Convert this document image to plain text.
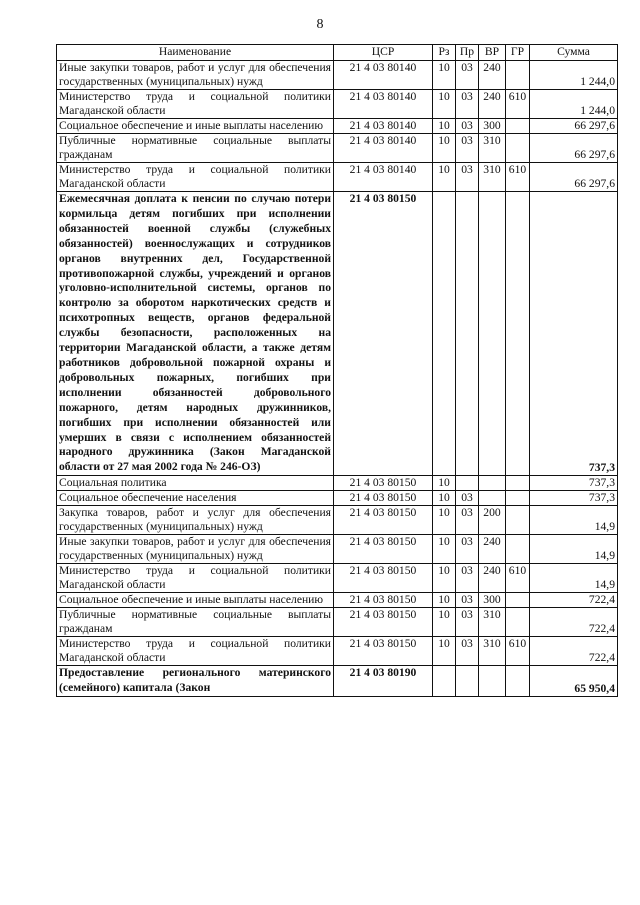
8
Наименование	ЦСР	Рз	Пр	ВР	ГР	Сумма
Иные закупки товаров, работ и услуг для обеспечения государственных (муниципальных) нужд	21 4 03 80140	10	03	240		1 244,0
Министерство труда и социальной политики Магаданской области	21 4 03 80140	10	03	240	610	1 244,0
Социальное обеспечение и иные выплаты населению	21 4 03 80140	10	03	300		66 297,6
Публичные нормативные социальные выплаты гражданам	21 4 03 80140	10	03	310		66 297,6
Министерство труда и социальной политики Магаданской области	21 4 03 80140	10	03	310	610	66 297,6
Ежемесячная доплата к пенсии по случаю потери кормильца детям погибших при исполнении обязанностей военной службы (служебных обязанностей) военнослужащих и сотрудников органов внутренних дел, Государственной противопожарной службы, учреждений и органов уголовно-исполнительной системы, органов по контролю за оборотом наркотических средств и психотропных веществ, органов федеральной службы безопасности, расположенных на территории Магаданской области, а также детям работников добровольной пожарной охраны и добровольных пожарных, погибших при исполнении обязанностей добровольного пожарного, детям народных дружинников, погибших при исполнении обязанностей или умерших в связи с исполнением обязанностей народного дружинника (Закон Магаданской области от 27 мая 2002 года № 246-ОЗ)	21 4 03 80150					737,3
Социальная политика	21 4 03 80150	10				737,3
Социальное обеспечение населения	21 4 03 80150	10	03			737,3
Закупка товаров, работ и услуг для обеспечения государственных (муниципальных) нужд	21 4 03 80150	10	03	200		14,9
Иные закупки товаров, работ и услуг для обеспечения государственных (муниципальных) нужд	21 4 03 80150	10	03	240		14,9
Министерство труда и социальной политики Магаданской области	21 4 03 80150	10	03	240	610	14,9
Социальное обеспечение и иные выплаты населению	21 4 03 80150	10	03	300		722,4
Публичные нормативные социальные выплаты гражданам	21 4 03 80150	10	03	310		722,4
Министерство труда и социальной политики Магаданской области	21 4 03 80150	10	03	310	610	722,4
Предоставление регионального материнского (семейного) капитала (Закон	21 4 03 80190					65 950,4
